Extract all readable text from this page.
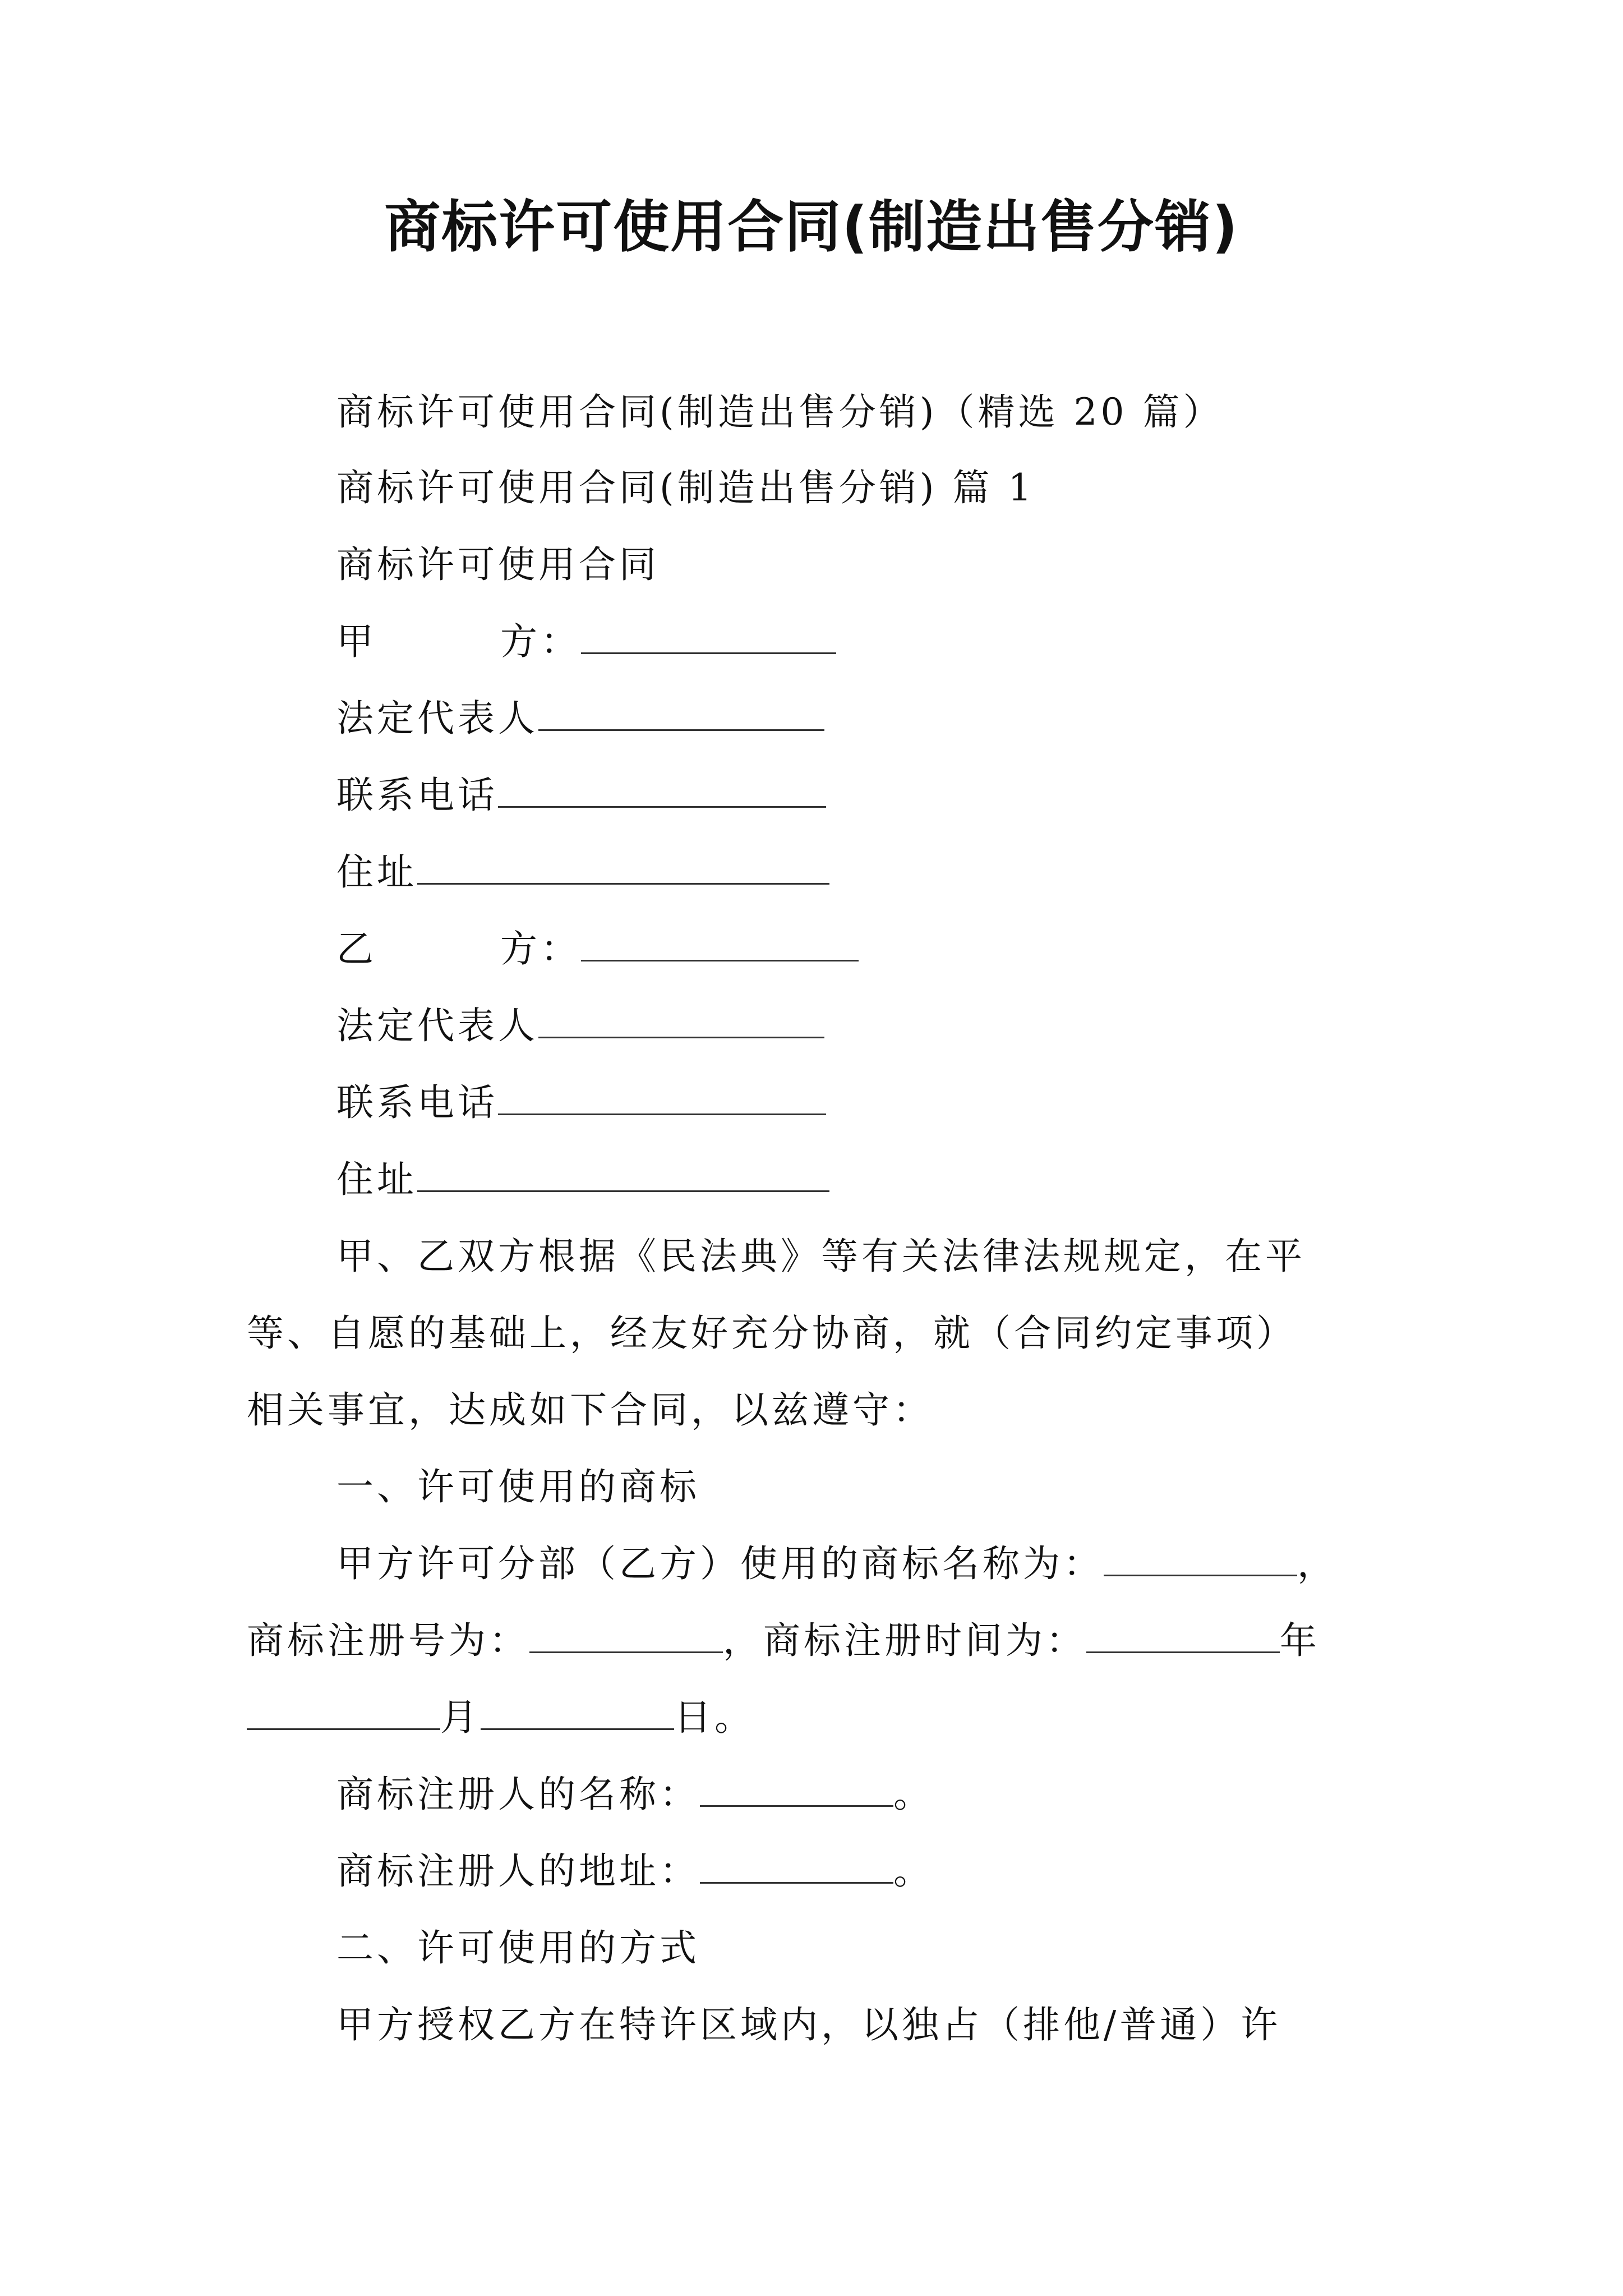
商标许可使用合同(制造出售分销)
商标许可使用合同(制造出售分销)（精选 20 篇）
商标许可使用合同(制造出售分销) 篇 1
商标许可使用合同
甲	方：
法定代表人
联系电话
住址
乙	方：
法定代表人
联系电话
住址
甲、乙双方根据《民法典》等有关法律法规规定，在平
等、自愿的基础上，经友好充分协商，就（合同约定事项）
相关事宜，达成如下合同，以兹遵守：
一、许可使用的商标
甲方许可分部（乙方）使用的商标名称为：	，
商标注册号为：	，商标注册时间为：	年
月	日。
商标注册人的名称：	。
商标注册人的地址：	。
二、许可使用的方式
甲方授权乙方在特许区域内，以独占（排他/普通）许
